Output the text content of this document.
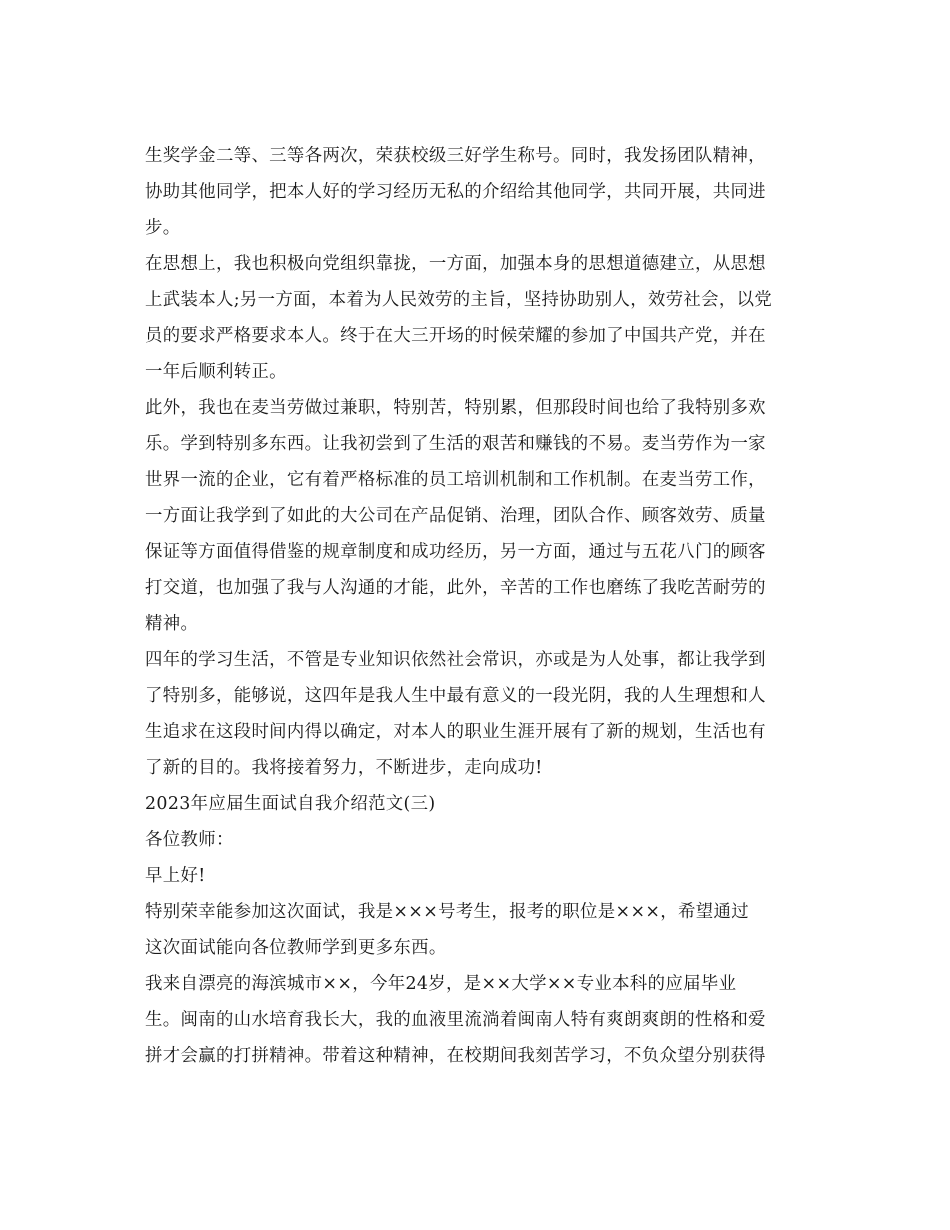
生奖学金二等、三等各两次，荣获校级三好学生称号。同时，我发扬团队精神，
协助其他同学，把本人好的学习经历无私的介绍给其他同学，共同开展，共同进
步。
在思想上，我也积极向党组织靠拢，一方面，加强本身的思想道德建立，从思想
上武装本人;另一方面，本着为人民效劳的主旨，坚持协助别人，效劳社会，以党
员的要求严格要求本人。终于在大三开场的时候荣耀的参加了中国共产党，并在
一年后顺利转正。
此外，我也在麦当劳做过兼职，特别苦，特别累，但那段时间也给了我特别多欢
乐。学到特别多东西。让我初尝到了生活的艰苦和赚钱的不易。麦当劳作为一家
世界一流的企业，它有着严格标准的员工培训机制和工作机制。在麦当劳工作，
一方面让我学到了如此的大公司在产品促销、治理，团队合作、顾客效劳、质量
保证等方面值得借鉴的规章制度和成功经历，另一方面，通过与五花八门的顾客
打交道，也加强了我与人沟通的才能，此外，辛苦的工作也磨练了我吃苦耐劳的
精神。
四年的学习生活，不管是专业知识依然社会常识，亦或是为人处事，都让我学到
了特别多，能够说，这四年是我人生中最有意义的一段光阴，我的人生理想和人
生追求在这段时间内得以确定，对本人的职业生涯开展有了新的规划，生活也有
了新的目的。我将接着努力，不断进步，走向成功!
2023年应届生面试自我介绍范文(三)
各位教师：
早上好!
特别荣幸能参加这次面试，我是×××号考生，报考的职位是×××，希望通过
这次面试能向各位教师学到更多东西。
我来自漂亮的海滨城市××，今年24岁，是××大学××专业本科的应届毕业
生。闽南的山水培育我长大，我的血液里流淌着闽南人特有爽朗爽朗的性格和爱
拼才会赢的打拼精神。带着这种精神，在校期间我刻苦学习，不负众望分别获得
